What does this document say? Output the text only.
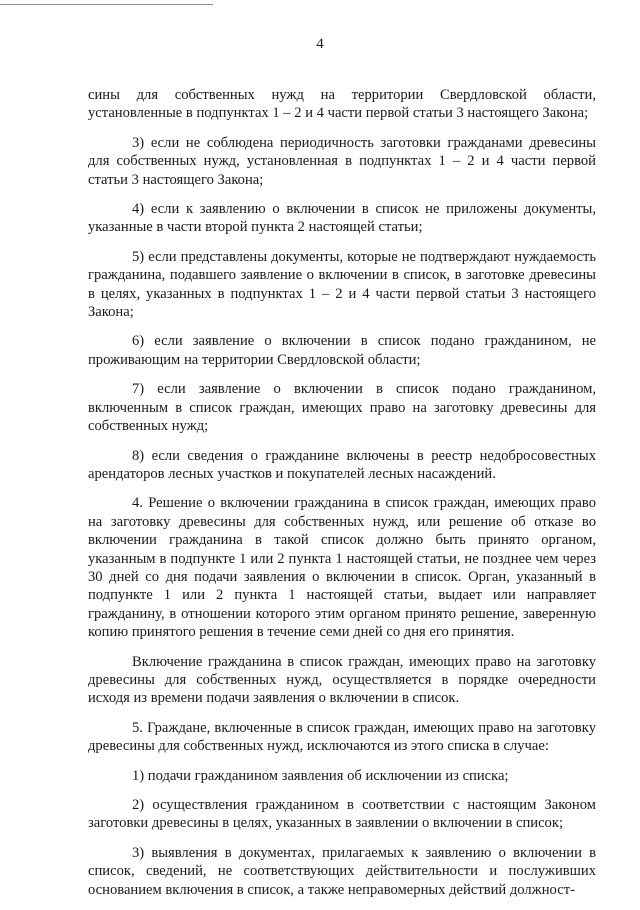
4

сины для собственных нужд на территории Свердловской области, установленные в подпунктах 1 – 2 и 4 части первой статьи 3 настоящего Закона;

3) если не соблюдена периодичность заготовки гражданами древесины для собственных нужд, установленная в подпунктах 1 – 2 и 4 части первой статьи 3 настоящего Закона;

4) если к заявлению о включении в список не приложены документы, указанные в части второй пункта 2 настоящей статьи;

5) если представлены документы, которые не подтверждают нуждаемость гражданина, подавшего заявление о включении в список, в заготовке древесины в целях, указанных в подпунктах 1 – 2 и 4 части первой статьи 3 настоящего Закона;

6) если заявление о включении в список подано гражданином, не проживающим на территории Свердловской области;

7) если заявление о включении в список подано гражданином, включенным в список граждан, имеющих право на заготовку древесины для собственных нужд;

8) если сведения о гражданине включены в реестр недобросовестных арендаторов лесных участков и покупателей лесных насаждений.

4. Решение о включении гражданина в список граждан, имеющих право на заготовку древесины для собственных нужд, или решение об отказе во включении гражданина в такой список должно быть принято органом, указанным в подпункте 1 или 2 пункта 1 настоящей статьи, не позднее чем через 30 дней со дня подачи заявления о включении в список. Орган, указанный в подпункте 1 или 2 пункта 1 настоящей статьи, выдает или направляет гражданину, в отношении которого этим органом принято решение, заверенную копию принятого решения в течение семи дней со дня его принятия.

Включение гражданина в список граждан, имеющих право на заготовку древесины для собственных нужд, осуществляется в порядке очередности исходя из времени подачи заявления о включении в список.

5. Граждане, включенные в список граждан, имеющих право на заготовку древесины для собственных нужд, исключаются из этого списка в случае:

1) подачи гражданином заявления об исключении из списка;

2) осуществления гражданином в соответствии с настоящим Законом заготовки древесины в целях, указанных в заявлении о включении в список;

3) выявления в документах, прилагаемых к заявлению о включении в список, сведений, не соответствующих действительности и послуживших основанием включения в список, а также неправомерных действий должност-
